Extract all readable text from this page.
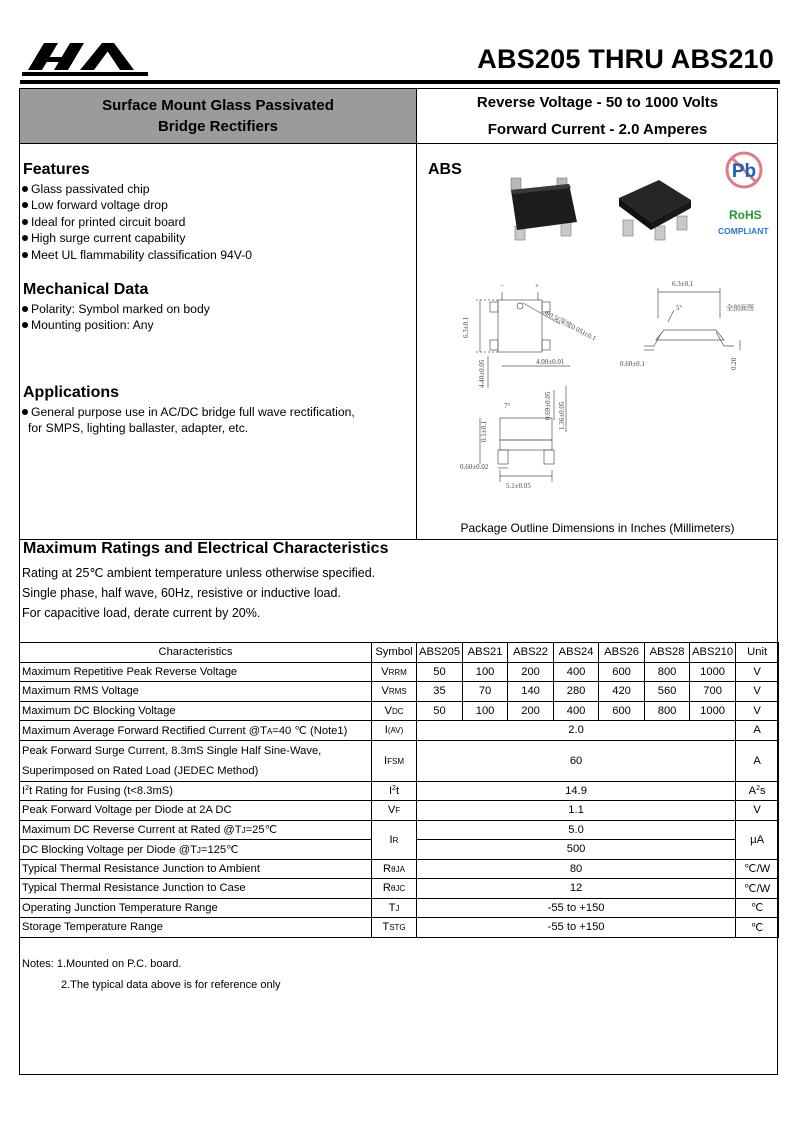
ABS205 THRU ABS210
Surface Mount Glass Passivated
Bridge Rectifiers
Reverse Voltage - 50 to 1000 Volts
Forward Current - 2.0 Amperes
Features
Glass passivated chip
Low forward voltage drop
Ideal for printed circuit board
High surge current capability
Meet UL flammability classification 94V-0
Mechanical Data
Polarity: Symbol marked on body
Mounting position: Any
Applications
General purpose use in AC/DC bridge full wave rectification,
for SMPS, lighting ballaster, adapter, etc.
ABS	Pb
RoHS
COMPLIANT
−	+
6.3±0.1	Φ0.5(深度0.05)±0.1
4.00±0.01
4.40±0.05
6.3±0.1
5°	全剖面图
0.60±0.1	0.20
0.1±0.1
7°	0.69±0.05 1.36±0.05
0.60±0.02
5.1±0.05
Package Outline Dimensions in Inches (Millimeters)
Maximum Ratings and Electrical Characteristics
Rating at 25℃ ambient temperature unless otherwise specified.
Single phase, half wave, 60Hz, resistive or inductive load.
For capacitive load, derate current by 20%.
Characteristics	Symbol	ABS205	ABS21	ABS22	ABS24	ABS26	ABS28	ABS210	Unit
Maximum Repetitive Peak Reverse Voltage	VRRM	50	100	200	400	600	800	1000	V
Maximum RMS Voltage	VRMS	35	70	140	280	420	560	700	V
Maximum DC Blocking Voltage	VDC	50	100	200	400	600	800	1000	V
Maximum Average Forward Rectified Current @TA=40 ℃ (Note1)	I(AV)	2.0							A

Peak Forward Surge Current, 8.3mS Single Half Sine-Wave,
Superimposed on Rated Load (JEDEC Method)	IFSM	60							A
$I^2t$ Rating for Fusing (t<8.3mS)	$I^2t$	14.9							$A^2s$
Peak Forward Voltage per Diode at 2A DC	VF	1.1							V
Maximum DC Reverse Current at Rated @TJ=25℃	IR	5.0							μA
DC Blocking Voltage per Diode @TJ=125℃		500							
Typical Thermal Resistance Junction to Ambient	RθJA	80							℃/W
Typical Thermal Resistance Junction to Case	RθJC	12							℃/W
Operating Junction Temperature Range	TJ	-55 to +150							℃
Storage Temperature Range	TSTG	-55 to +150							℃
Notes: 1.Mounted on P.C. board.
2.The typical data above is for reference only
